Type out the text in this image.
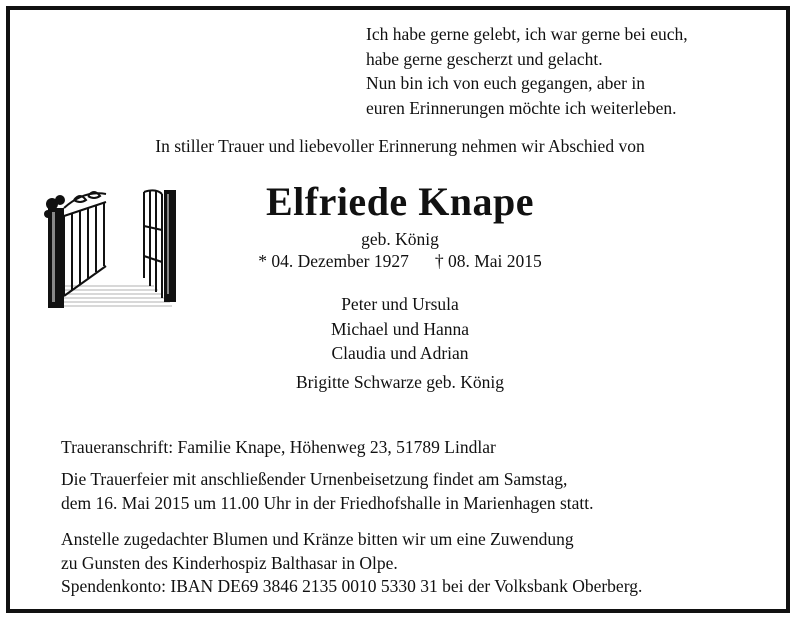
Ich habe gerne gelebt, ich war gerne bei euch,
habe gerne gescherzt und gelacht.
Nun bin ich von euch gegangen, aber in
euren Erinnerungen möchte ich weiterleben.
In stiller Trauer und liebevoller Erinnerung nehmen wir Abschied von
Elfriede Knape
geb. König
* 04. Dezember 1927 † 08. Mai 2015
Peter und Ursula
Michael und Hanna
Claudia und Adrian
Brigitte Schwarze geb. König
Traueranschrift: Familie Knape, Höhenweg 23, 51789 Lindlar
Die Trauerfeier mit anschließender Urnenbeisetzung findet am Samstag,
dem 16. Mai 2015 um 11.00 Uhr in der Friedhofshalle in Marienhagen statt.
Anstelle zugedachter Blumen und Kränze bitten wir um eine Zuwendung
zu Gunsten des Kinderhospiz Balthasar in Olpe.
Spendenkonto: IBAN DE69 3846 2135 0010 5330 31 bei der Volksbank Oberberg.
